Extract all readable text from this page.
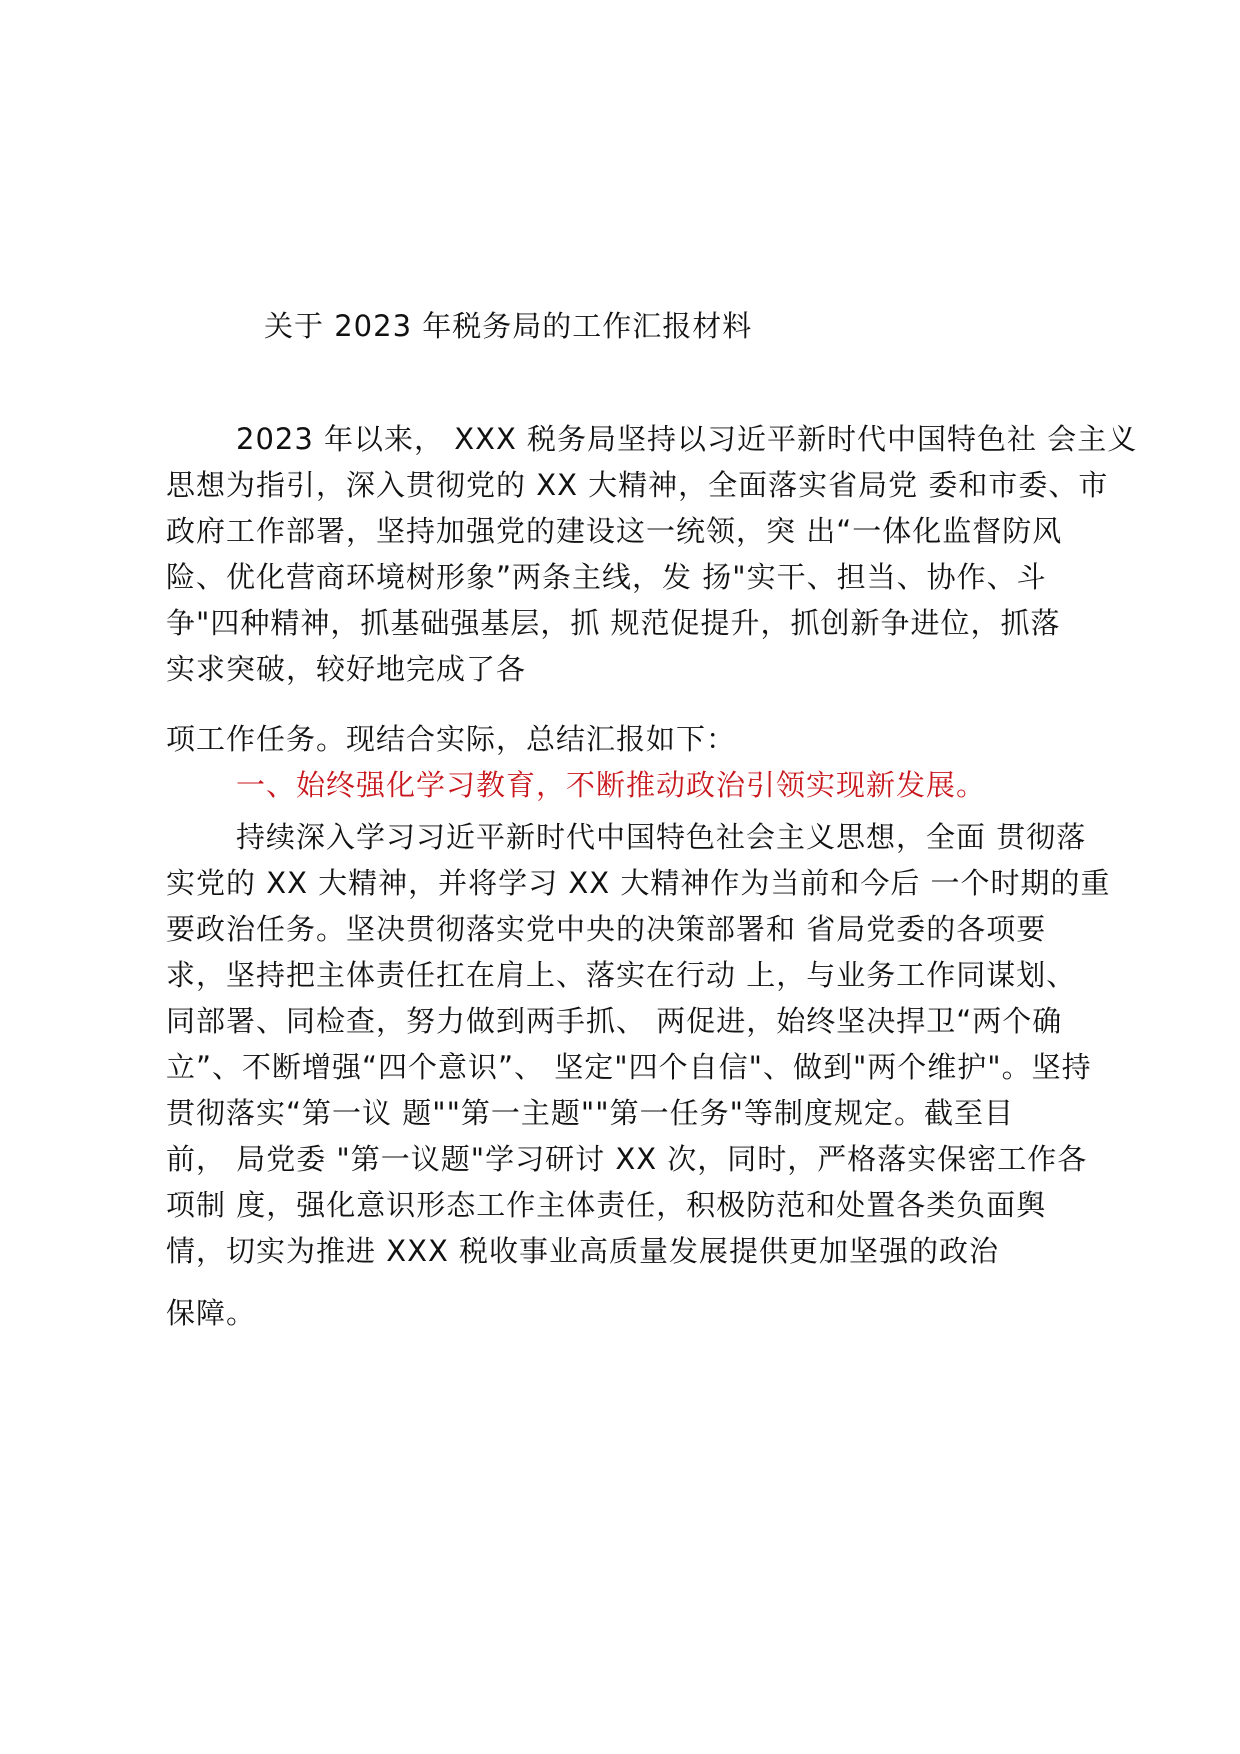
关于 2023 年税务局的工作汇报材料

2023 年以来， XXX 税务局坚持以习近平新时代中国特色社 会主义
思想为指引，深入贯彻党的 XX 大精神，全面落实省局党 委和市委、市
政府工作部署，坚持加强党的建设这一统领，突 出“一体化监督防风
险、优化营商环境树形象”两条主线，发 扬"实干、担当、协作、斗
争"四种精神，抓基础强基层，抓 规范促提升，抓创新争进位，抓落
实求突破，较好地完成了各

项工作任务。现结合实际，总结汇报如下：

一、始终强化学习教育，不断推动政治引领实现新发展。

持续深入学习习近平新时代中国特色社会主义思想，全面 贯彻落
实党的 XX 大精神，并将学习 XX 大精神作为当前和今后 一个时期的重
要政治任务。坚决贯彻落实党中央的决策部署和 省局党委的各项要
求，坚持把主体责任扛在肩上、落实在行动 上，与业务工作同谋划、
同部署、同检查，努力做到两手抓、 两促进，始终坚决捍卫“两个确
立”、不断增强“四个意识”、 坚定"四个自信"、做到"两个维护"。坚持
贯彻落实“第一议 题""第一主题""第一任务"等制度规定。截至目
前， 局党委 "第一议题"学习研讨 XX 次，同时，严格落实保密工作各
项制 度，强化意识形态工作主体责任，积极防范和处置各类负面舆
情，切实为推进 XXX 税收事业高质量发展提供更加坚强的政治

保障。
